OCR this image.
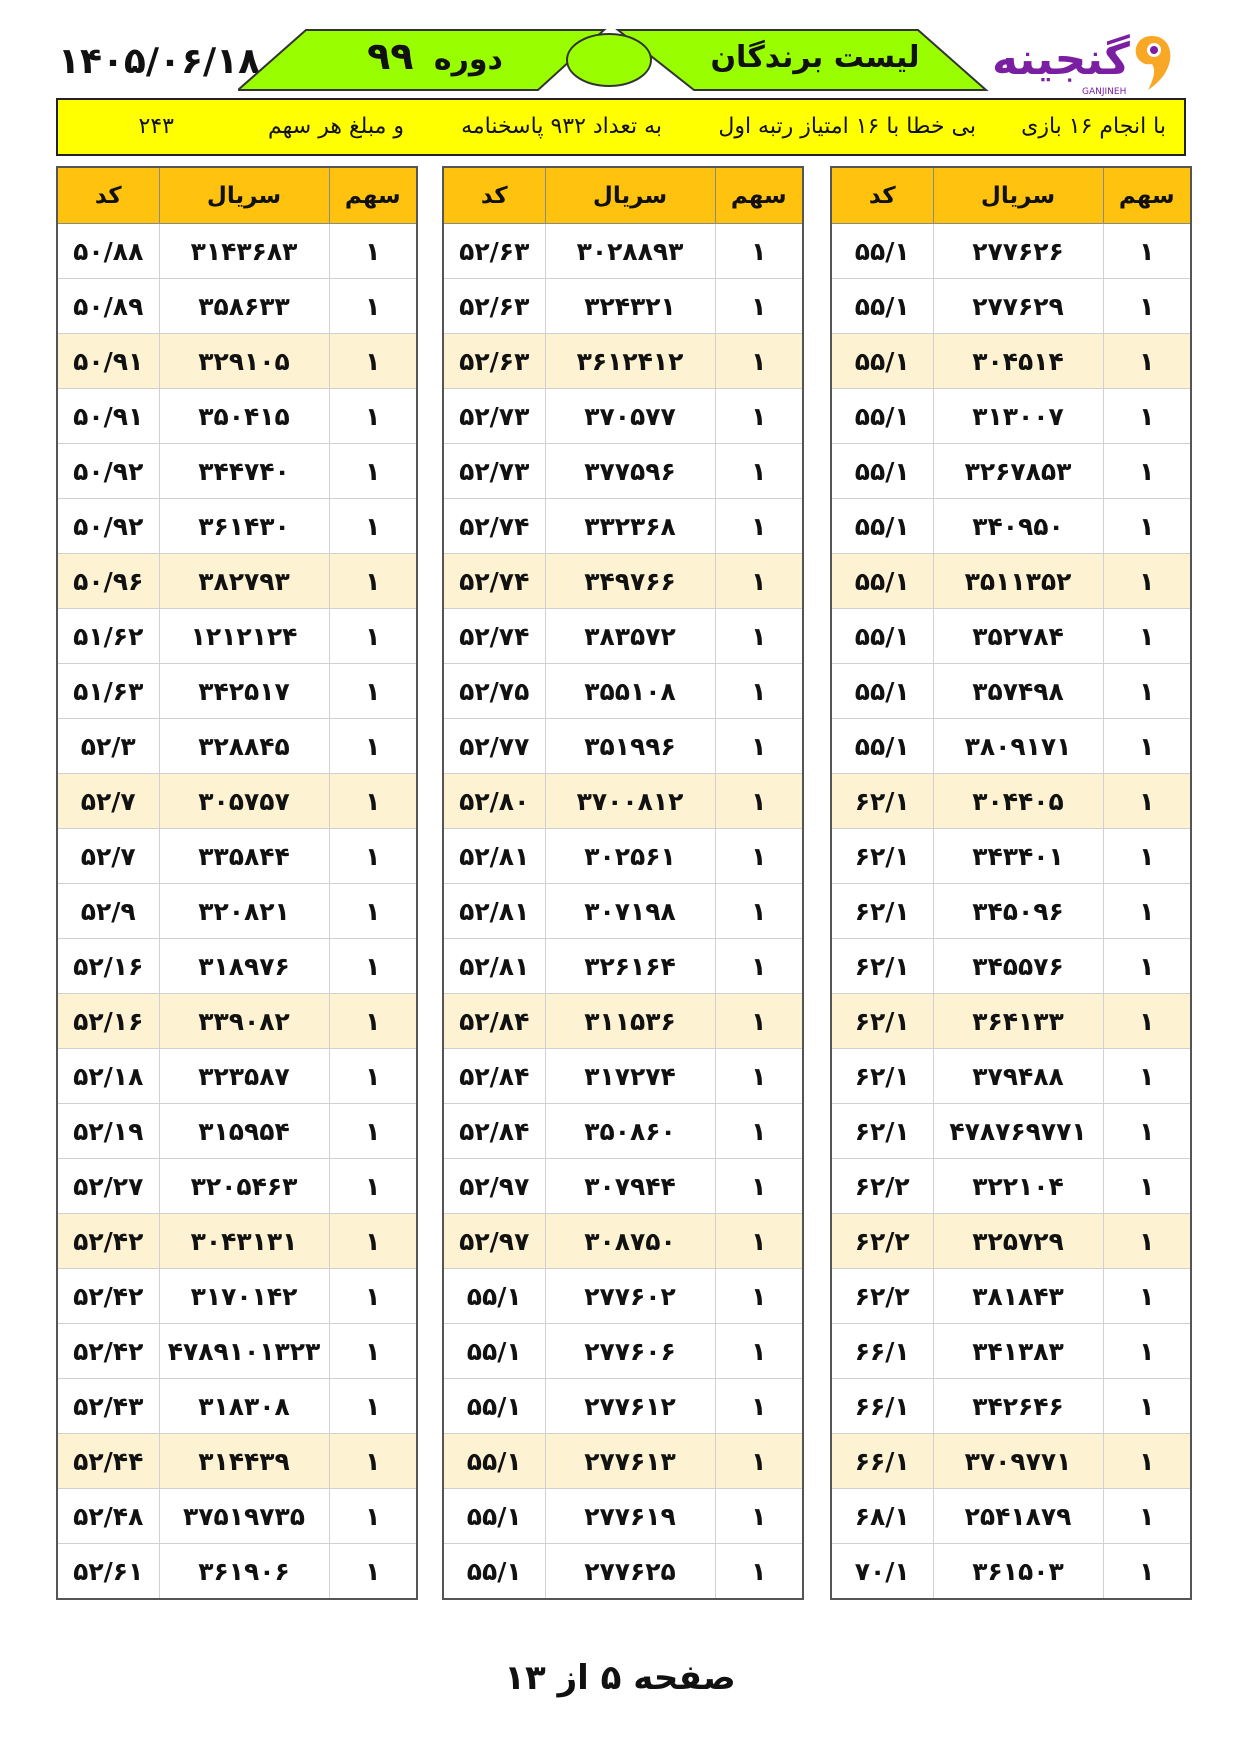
۱۴۰۵/۰۶/۱۸	دوره ۹۹	لیست برندگان	گنجینه
GANJINEH
با انجام ۱۶ بازی
بی خطا با ۱۶ امتیاز رتبه اول
به تعداد ۹۳۲ پاسخنامه
و مبلغ هر سهم
۲۴۳
سهم	سریال	کد
۱	۲۷۷۶۲۶	۵۵/۱
۱	۲۷۷۶۲۹	۵۵/۱
۱	۳۰۴۵۱۴	۵۵/۱
۱	۳۱۳۰۰۷	۵۵/۱
۱	۳۲۶۷۸۵۳	۵۵/۱
۱	۳۴۰۹۵۰	۵۵/۱
۱	۳۵۱۱۳۵۲	۵۵/۱
۱	۳۵۲۷۸۴	۵۵/۱
۱	۳۵۷۴۹۸	۵۵/۱
۱	۳۸۰۹۱۷۱	۵۵/۱
۱	۳۰۴۴۰۵	۶۲/۱
۱	۳۴۳۴۰۱	۶۲/۱
۱	۳۴۵۰۹۶	۶۲/۱
۱	۳۴۵۵۷۶	۶۲/۱
۱	۳۶۴۱۳۳	۶۲/۱
۱	۳۷۹۴۸۸	۶۲/۱
۱	۴۷۸۷۶۹۷۷۱	۶۲/۱
۱	۳۲۲۱۰۴	۶۲/۲
۱	۳۲۵۷۲۹	۶۲/۲
۱	۳۸۱۸۴۳	۶۲/۲
۱	۳۴۱۳۸۳	۶۶/۱
۱	۳۴۲۶۴۶	۶۶/۱
۱	۳۷۰۹۷۷۱	۶۶/۱
۱	۲۵۴۱۸۷۹	۶۸/۱
۱	۳۶۱۵۰۳	۷۰/۱
سهم	سریال	کد
۱	۳۰۲۸۸۹۳	۵۲/۶۳
۱	۳۲۴۳۲۱	۵۲/۶۳
۱	۳۶۱۲۴۱۲	۵۲/۶۳
۱	۳۷۰۵۷۷	۵۲/۷۳
۱	۳۷۷۵۹۶	۵۲/۷۳
۱	۳۳۲۳۶۸	۵۲/۷۴
۱	۳۴۹۷۶۶	۵۲/۷۴
۱	۳۸۳۵۷۲	۵۲/۷۴
۱	۳۵۵۱۰۸	۵۲/۷۵
۱	۳۵۱۹۹۶	۵۲/۷۷
۱	۳۷۰۰۸۱۲	۵۲/۸۰
۱	۳۰۲۵۶۱	۵۲/۸۱
۱	۳۰۷۱۹۸	۵۲/۸۱
۱	۳۲۶۱۶۴	۵۲/۸۱
۱	۳۱۱۵۳۶	۵۲/۸۴
۱	۳۱۷۲۷۴	۵۲/۸۴
۱	۳۵۰۸۶۰	۵۲/۸۴
۱	۳۰۷۹۴۴	۵۲/۹۷
۱	۳۰۸۷۵۰	۵۲/۹۷
۱	۲۷۷۶۰۲	۵۵/۱
۱	۲۷۷۶۰۶	۵۵/۱
۱	۲۷۷۶۱۲	۵۵/۱
۱	۲۷۷۶۱۳	۵۵/۱
۱	۲۷۷۶۱۹	۵۵/۱
۱	۲۷۷۶۲۵	۵۵/۱
سهم	سریال	کد
۱	۳۱۴۳۶۸۳	۵۰/۸۸
۱	۳۵۸۶۳۳	۵۰/۸۹
۱	۳۲۹۱۰۵	۵۰/۹۱
۱	۳۵۰۴۱۵	۵۰/۹۱
۱	۳۴۴۷۴۰	۵۰/۹۲
۱	۳۶۱۴۳۰	۵۰/۹۲
۱	۳۸۲۷۹۳	۵۰/۹۶
۱	۱۲۱۲۱۲۴	۵۱/۶۲
۱	۳۴۲۵۱۷	۵۱/۶۳
۱	۳۲۸۸۴۵	۵۲/۳
۱	۳۰۵۷۵۷	۵۲/۷
۱	۳۳۵۸۴۴	۵۲/۷
۱	۳۲۰۸۲۱	۵۲/۹
۱	۳۱۸۹۷۶	۵۲/۱۶
۱	۳۳۹۰۸۲	۵۲/۱۶
۱	۳۲۳۵۸۷	۵۲/۱۸
۱	۳۱۵۹۵۴	۵۲/۱۹
۱	۳۲۰۵۴۶۳	۵۲/۲۷
۱	۳۰۴۳۱۳۱	۵۲/۴۲
۱	۳۱۷۰۱۴۲	۵۲/۴۲
۱	۴۷۸۹۱۰۱۳۲۳	۵۲/۴۲
۱	۳۱۸۳۰۸	۵۲/۴۳
۱	۳۱۴۴۳۹	۵۲/۴۴
۱	۳۷۵۱۹۷۳۵	۵۲/۴۸
۱	۳۶۱۹۰۶	۵۲/۶۱
صفحه ۵ از ۱۳
